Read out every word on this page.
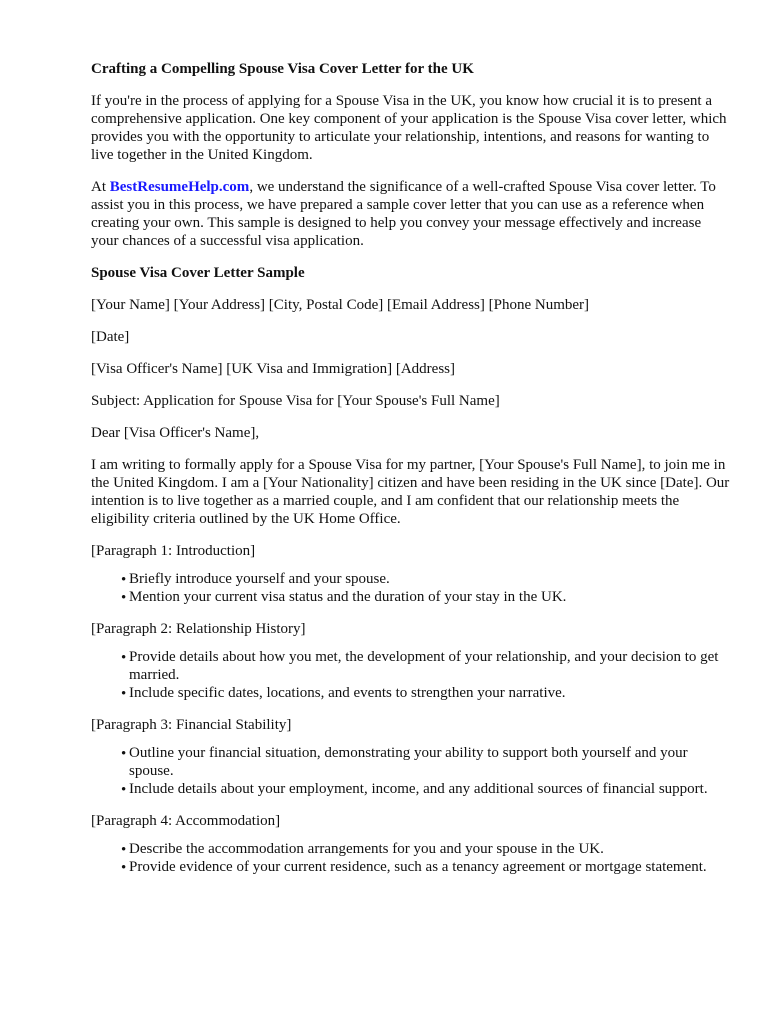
Crafting a Compelling Spouse Visa Cover Letter for the UK

If you're in the process of applying for a Spouse Visa in the UK, you know how crucial it is to present a comprehensive application. One key component of your application is the Spouse Visa cover letter, which provides you with the opportunity to articulate your relationship, intentions, and reasons for wanting to live together in the United Kingdom.

At BestResumeHelp.com, we understand the significance of a well-crafted Spouse Visa cover letter. To assist you in this process, we have prepared a sample cover letter that you can use as a reference when creating your own. This sample is designed to help you convey your message effectively and increase your chances of a successful visa application.

Spouse Visa Cover Letter Sample

[Your Name] [Your Address] [City, Postal Code] [Email Address] [Phone Number]

[Date]

[Visa Officer's Name] [UK Visa and Immigration] [Address]

Subject: Application for Spouse Visa for [Your Spouse's Full Name]

Dear [Visa Officer's Name],

I am writing to formally apply for a Spouse Visa for my partner, [Your Spouse's Full Name], to join me in the United Kingdom. I am a [Your Nationality] citizen and have been residing in the UK since [Date]. Our intention is to live together as a married couple, and I am confident that our relationship meets the eligibility criteria outlined by the UK Home Office.

[Paragraph 1: Introduction]

• Briefly introduce yourself and your spouse.
• Mention your current visa status and the duration of your stay in the UK.

[Paragraph 2: Relationship History]

• Provide details about how you met, the development of your relationship, and your decision to get married.
• Include specific dates, locations, and events to strengthen your narrative.

[Paragraph 3: Financial Stability]

• Outline your financial situation, demonstrating your ability to support both yourself and your spouse.
• Include details about your employment, income, and any additional sources of financial support.

[Paragraph 4: Accommodation]

• Describe the accommodation arrangements for you and your spouse in the UK.
• Provide evidence of your current residence, such as a tenancy agreement or mortgage statement.
